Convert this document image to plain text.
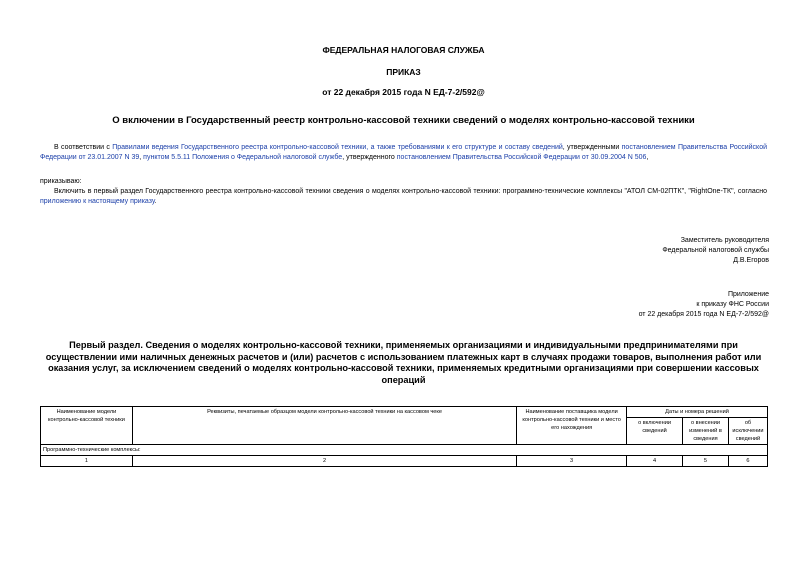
ФЕДЕРАЛЬНАЯ НАЛОГОВАЯ СЛУЖБА
ПРИКАЗ
от 22 декабря 2015 года N ЕД-7-2/592@
О включении в Государственный реестр контрольно-кассовой техники сведений о моделях контрольно-кассовой техники
В соответствии с Правилами ведения Государственного реестра контрольно-кассовой техники, а также требованиями к его структуре и составу сведений, утвержденными постановлением Правительства Российской Федерации от 23.01.2007 N 39, пунктом 5.5.11 Положения о Федеральной налоговой службе, утвержденного постановлением Правительства Российской Федерации от 30.09.2004 N 506,
приказываю:
Включить в первый раздел Государственного реестра контрольно-кассовой техники сведения о моделях контрольно-кассовой техники: программно-технические комплексы "АТОЛ СМ-02ПТК", "RightOne-ТК", согласно приложению к настоящему приказу.
Заместитель руководителя
Федеральной налоговой службы
Д.В.Егоров
Приложение
к приказу ФНС России
от 22 декабря 2015 года N ЕД-7-2/592@
Первый раздел. Сведения о моделях контрольно-кассовой техники, применяемых организациями и индивидуальными предпринимателями при осуществлении ими наличных денежных расчетов и (или) расчетов с использованием платежных карт в случаях продажи товаров, выполнения работ или оказания услуг, за исключением сведений о моделях контрольно-кассовой техники, применяемых кредитными организациями при совершении кассовых операций
Наименование модели контрольно-кассовой техники	Реквизиты, печатаемые образцом модели контрольно-кассовой техники на кассовом чеке	Наименование поставщика модели контрольно-кассовой техники и место его нахождения	Даты и номера решений		
			о включении сведений	о внесении изменений в сведения	об исключении сведений
Программно-технические комплексы:					
1	2	3	4	5	6
